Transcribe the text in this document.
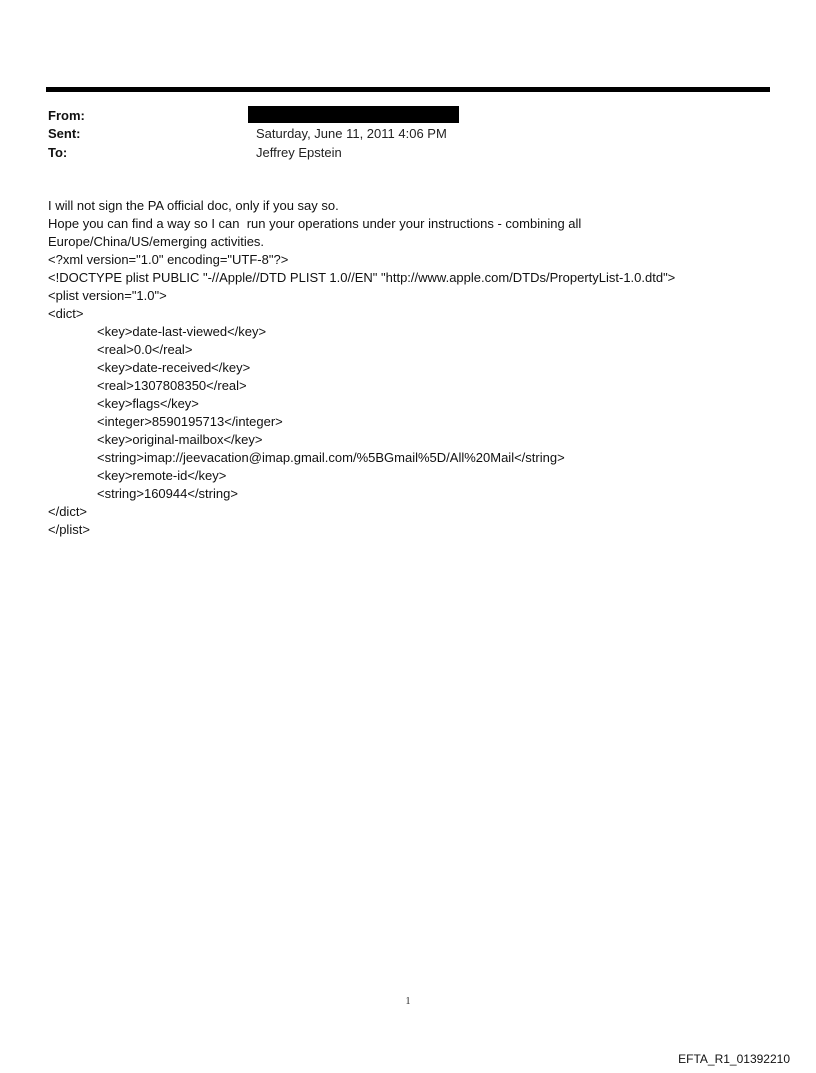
From:
Sent:	Saturday, June 11, 2011 4:06 PM
To:	Jeffrey Epstein
I will not sign the PA official doc, only if you say so.
Hope you can find a way so I can  run your operations under your instructions - combining all
Europe/China/US/emerging activities.
<?xml version="1.0" encoding="UTF-8"?>
<!DOCTYPE plist PUBLIC "-//Apple//DTD PLIST 1.0//EN" "http://www.apple.com/DTDs/PropertyList-1.0.dtd">
<plist version="1.0">
<dict>
<key>date-last-viewed</key>
<real>0.0</real>
<key>date-received</key>
<real>1307808350</real>
<key>flags</key>
<integer>8590195713</integer>
<key>original-mailbox</key>
<string>imap://jeevacation@imap.gmail.com/%5BGmail%5D/All%20Mail</string>
<key>remote-id</key>
<string>160944</string>
</dict>
</plist>
1
EFTA_R1_01392210
